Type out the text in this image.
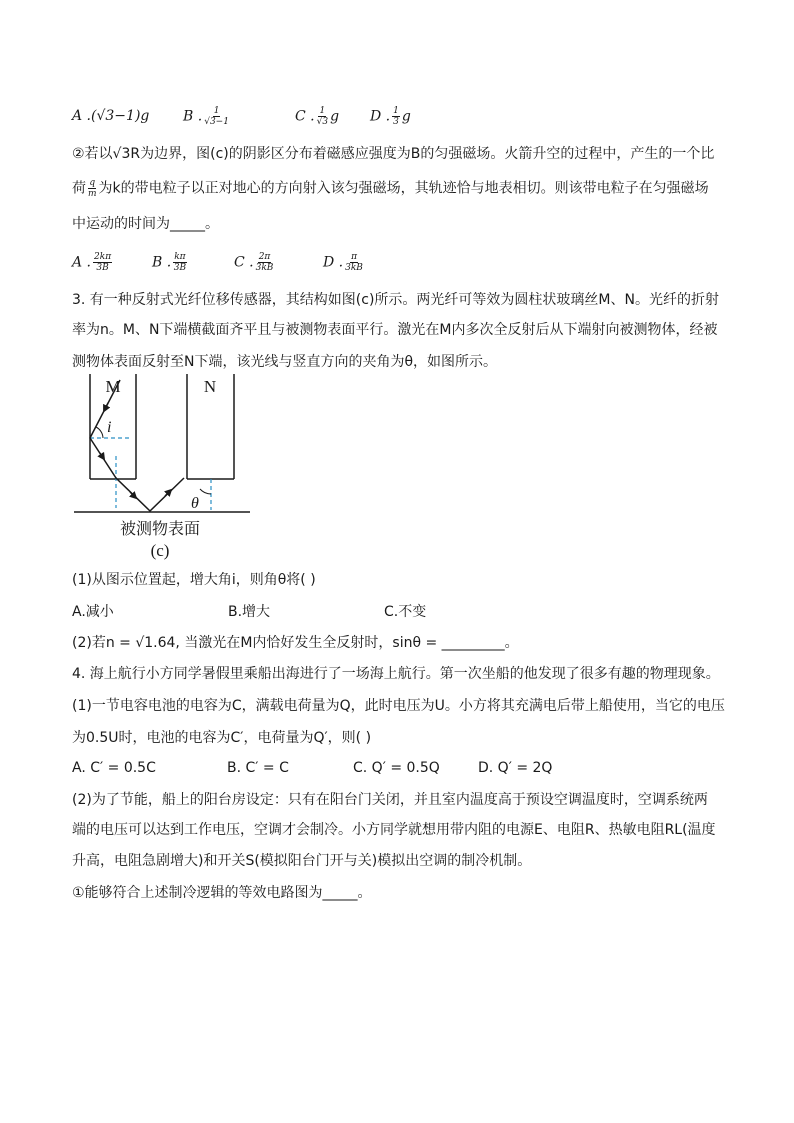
A .(√3−1)g B . $\frac{1}{√3-1}$	C . $\frac{1}{√3}$ g D . $\frac{1}{3}$ g
②若以√3R为边界，图(c)的阴影区分布着磁感应强度为B的匀强磁场。火箭升空的过程中，产生的一个比
荷 $\frac{q}{m}$ 为k的带电粒子以正对地心的方向射入该匀强磁场，其轨迹恰与地表相切。则该带电粒子在匀强磁场
中运动的时间为_____。
A . $\frac{2k\pi}{3B}$	B . $\frac{k\pi}{3B}$	C . $\frac{2\pi}{3kB}$	D . $\frac{\pi}{3kB}$
3. 有一种反射式光纤位移传感器，其结构如图(c)所示。两光纤可等效为圆柱状玻璃丝M、N。光纤的折射
率为n。M、N下端横截面齐平且与被测物表面平行。激光在M内多次全反射后从下端射向被测物体，经被
测物体表面反射至N下端，该光线与竖直方向的夹角为θ，如图所示。
M	N
i
θ
被测物表面
(c)
(1)从图示位置起，增大角i，则角θ将( )
A.减小	B.增大	C.不变
(2)若n = √1.64, 当激光在M内恰好发生全反射时，sinθ = _________。
4. 海上航行小方同学暑假里乘船出海进行了一场海上航行。第一次坐船的他发现了很多有趣的物理现象。
(1)一节电容电池的电容为C，满载电荷量为Q，此时电压为U。小方将其充满电后带上船使用，当它的电压
为0.5U时，电池的电容为C′，电荷量为Q′，则( )
A. C′ = 0.5C	B. C′ = C	C. Q′ = 0.5Q	D. Q′ = 2Q
(2)为了节能，船上的阳台房设定：只有在阳台门关闭，并且室内温度高于预设空调温度时，空调系统两
端的电压可以达到工作电压，空调才会制冷。小方同学就想用带内阻的电源E、电阻R、热敏电阻RL(温度
升高，电阻急剧增大)和开关S(模拟阳台门开与关)模拟出空调的制冷机制。
①能够符合上述制冷逻辑的等效电路图为_____。
